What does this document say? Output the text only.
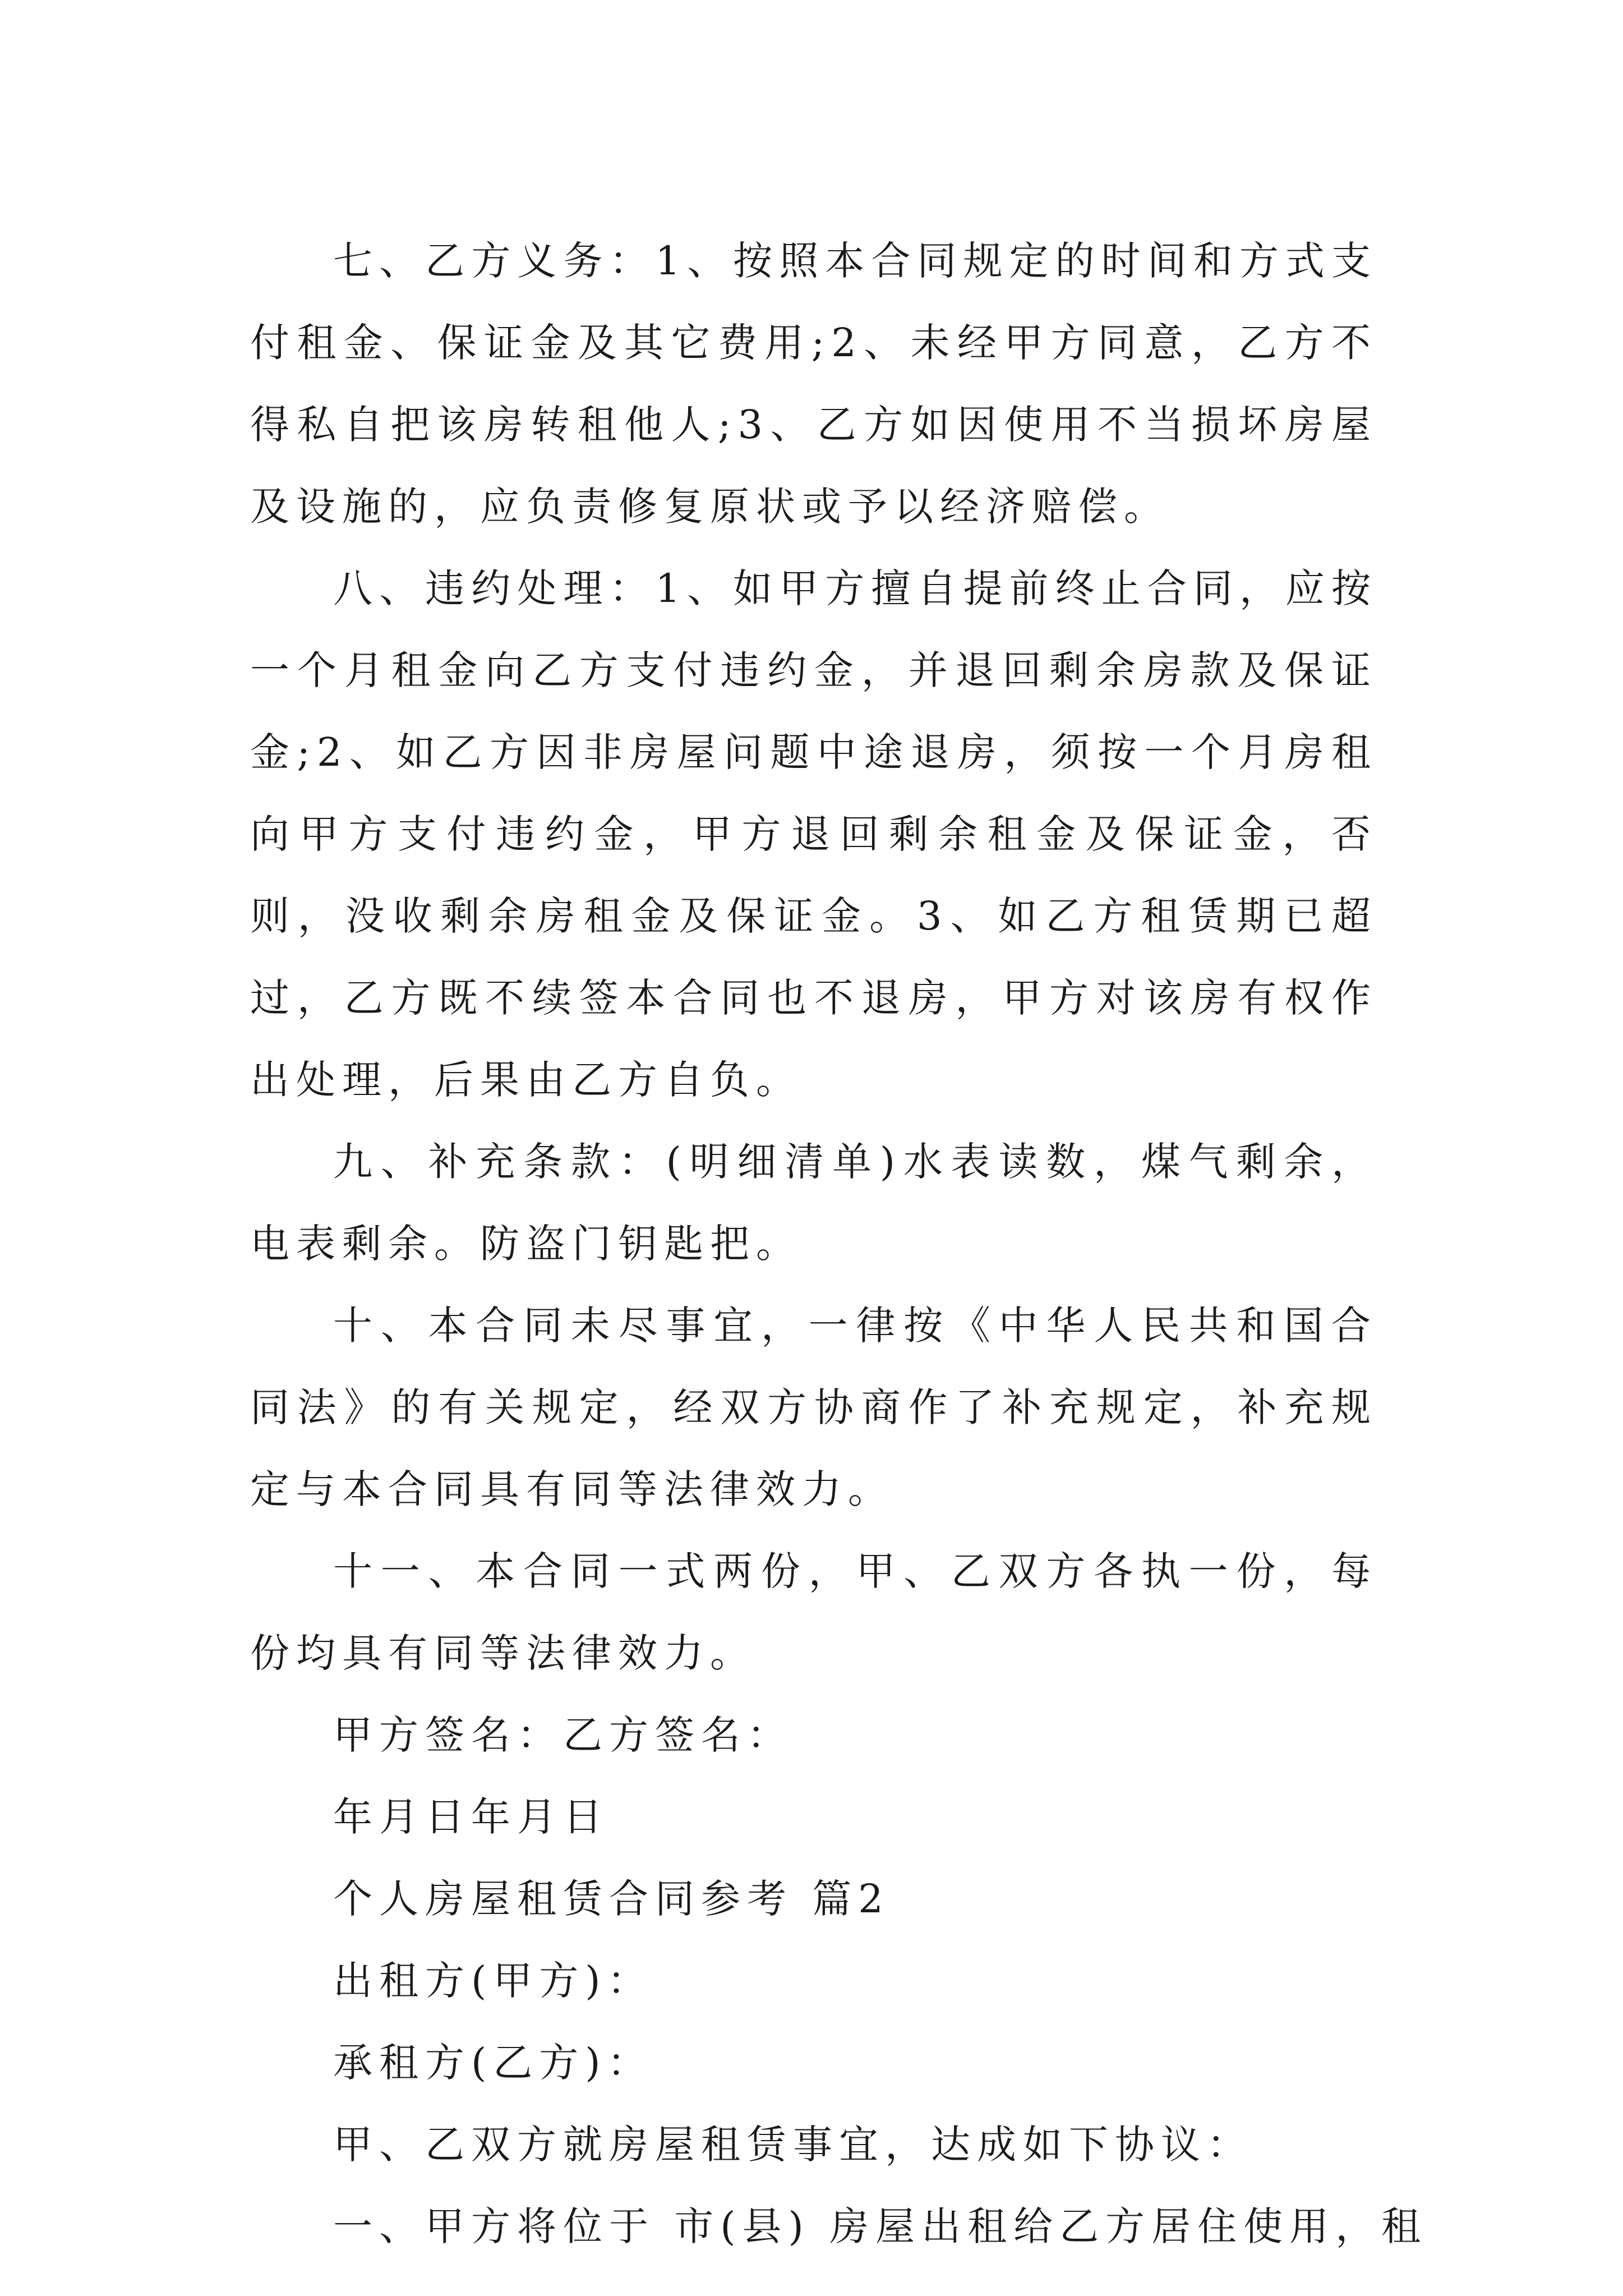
七、乙方义务：1、按照本合同规定的时间和方式支付租金、保证金及其它费用;2、未经甲方同意，乙方不得私自把该房转租他人;3、乙方如因使用不当损坏房屋及设施的，应负责修复原状或予以经济赔偿。

八、违约处理：1、如甲方擅自提前终止合同，应按一个月租金向乙方支付违约金，并退回剩余房款及保证金;2、如乙方因非房屋问题中途退房，须按一个月房租向甲方支付违约金，甲方退回剩余租金及保证金，否则，没收剩余房租金及保证金。3、如乙方租赁期已超过，乙方既不续签本合同也不退房，甲方对该房有权作出处理，后果由乙方自负。

九、补充条款：(明细清单)水表读数，煤气剩余，电表剩余。防盗门钥匙把。

十、本合同未尽事宜，一律按《中华人民共和国合同法》的有关规定，经双方协商作了补充规定，补充规定与本合同具有同等法律效力。

十一、本合同一式两份，甲、乙双方各执一份，每份均具有同等法律效力。

甲方签名：乙方签名：

年月日年月日

个人房屋租赁合同参考 篇2

出租方(甲方)：

承租方(乙方)：

甲、乙双方就房屋租赁事宜，达成如下协议：

一、甲方将位于 市(县) 房屋出租给乙方居住使用，租
